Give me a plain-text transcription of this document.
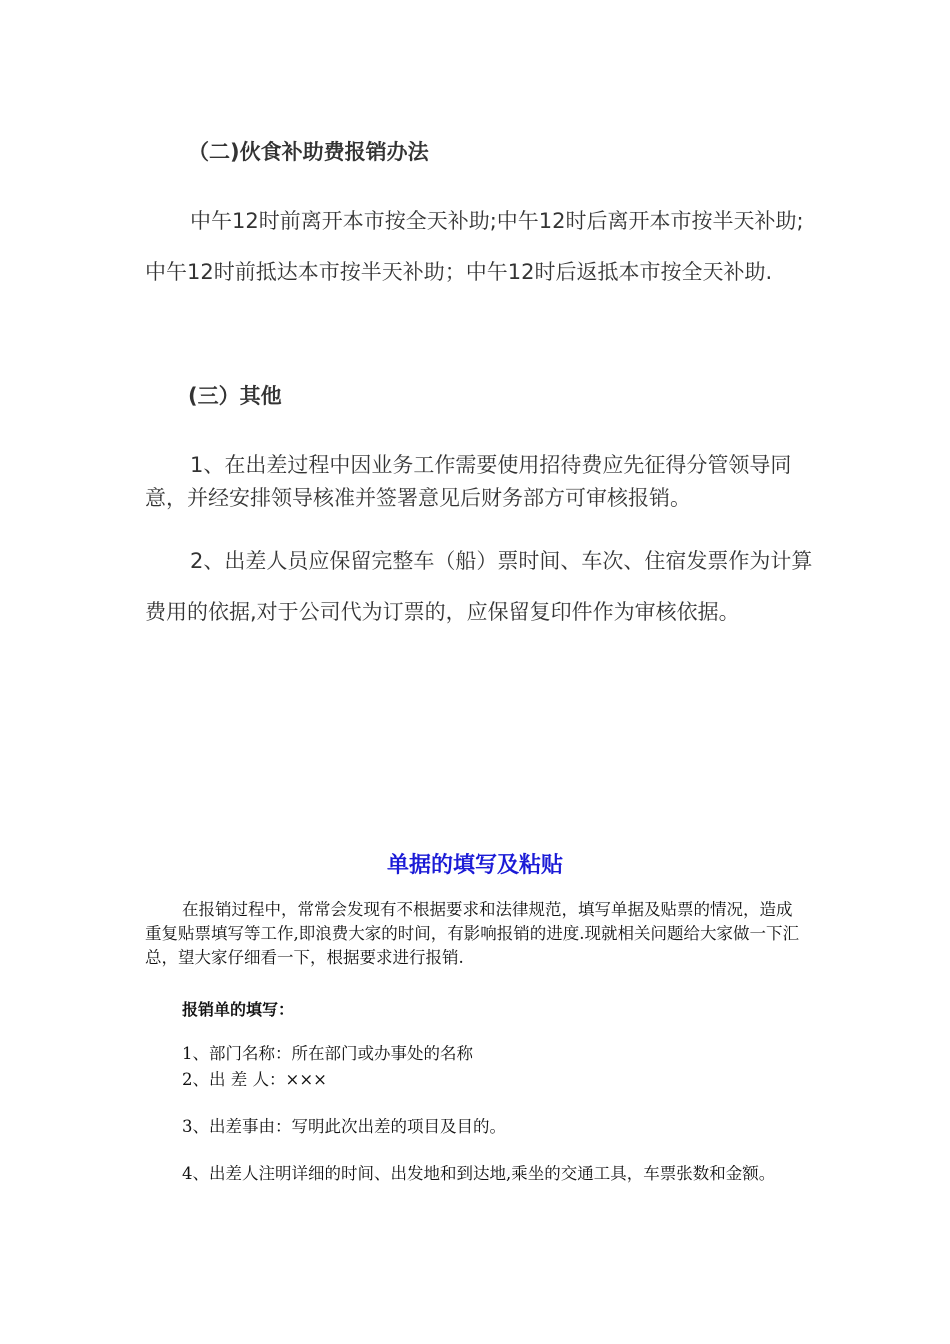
（二)伙食补助费报销办法

中午12时前离开本市按全天补助;中午12时后离开本市按半天补助;中午12时前抵达本市按半天补助；中午12时后返抵本市按全天补助.

(三）其他

1、在出差过程中因业务工作需要使用招待费应先征得分管领导同意，并经安排领导核准并签署意见后财务部方可审核报销。

2、出差人员应保留完整车（船）票时间、车次、住宿发票作为计算费用的依据,对于公司代为订票的，应保留复印件作为审核依据。

单据的填写及粘贴

在报销过程中，常常会发现有不根据要求和法律规范，填写单据及贴票的情况，造成重复贴票填写等工作,即浪费大家的时间，有影响报销的进度.现就相关问题给大家做一下汇总，望大家仔细看一下，根据要求进行报销.

报销单的填写：

1、部门名称：所在部门或办事处的名称

2、出 差 人：×××

3、出差事由：写明此次出差的项目及目的。

4、出差人注明详细的时间、出发地和到达地,乘坐的交通工具，车票张数和金额。
